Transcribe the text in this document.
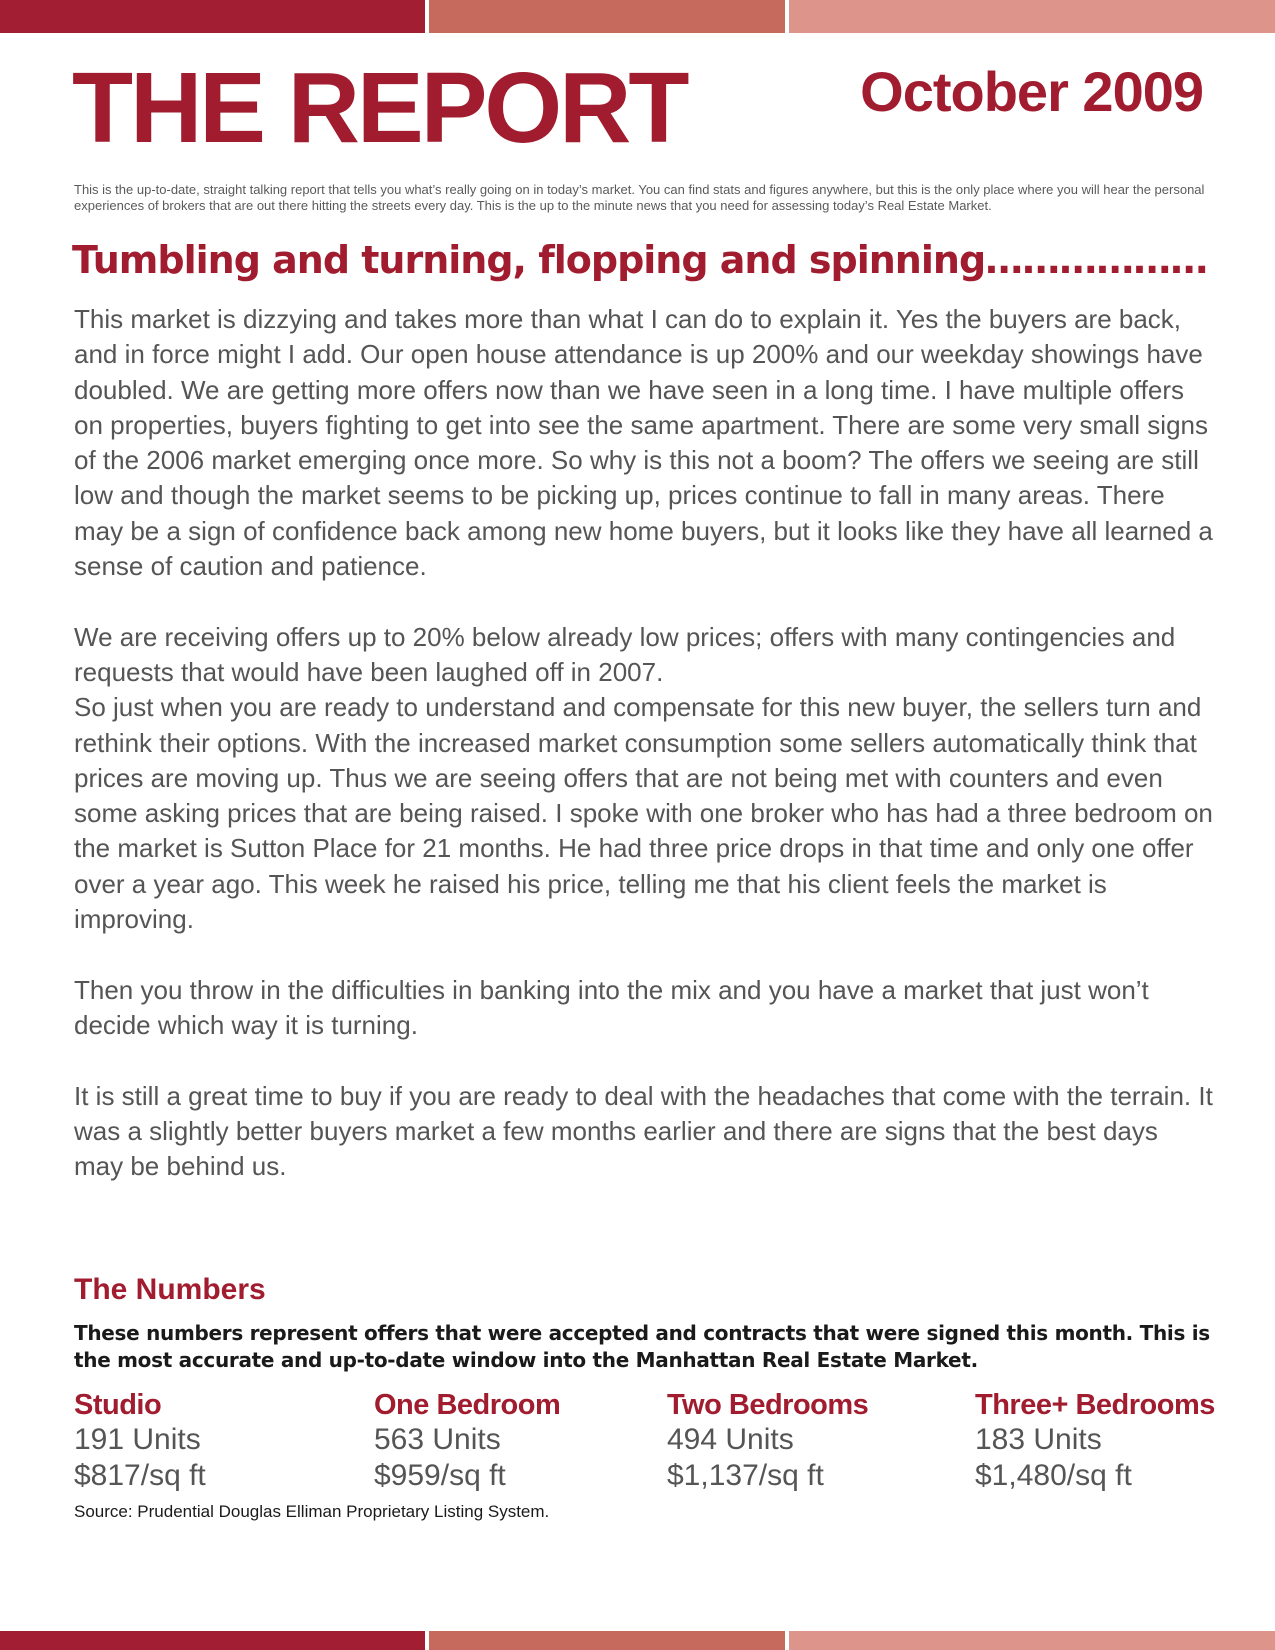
THE REPORT	October 2009

This is the up-to-date, straight talking report that tells you what’s really going on in today’s market. You can find stats and figures anywhere, but this is the only place where you will hear the personal experiences of brokers that are out there hitting the streets every day. This is the up to the minute news that you need for assessing today’s Real Estate Market.

Tumbling and turning, flopping and spinning………………

This market is dizzying and takes more than what I can do to explain it. Yes the buyers are back, and in force might I add. Our open house attendance is up 200% and our weekday showings have doubled. We are getting more offers now than we have seen in a long time. I have multiple offers on properties, buyers fighting to get into see the same apartment. There are some very small signs of the 2006 market emerging once more. So why is this not a boom? The offers we seeing are still low and though the market seems to be picking up, prices continue to fall in many areas. There may be a sign of confidence back among new home buyers, but it looks like they have all learned a sense of caution and patience.

We are receiving offers up to 20% below already low prices; offers with many contingencies and requests that would have been laughed off in 2007.
So just when you are ready to understand and compensate for this new buyer, the sellers turn and rethink their options. With the increased market consumption some sellers automatically think that prices are moving up. Thus we are seeing offers that are not being met with counters and even some asking prices that are being raised. I spoke with one broker who has had a three bedroom on the market is Sutton Place for 21 months. He had three price drops in that time and only one offer over a year ago. This week he raised his price, telling me that his client feels the market is improving.

Then you throw in the difficulties in banking into the mix and you have a market that just won’t decide which way it is turning.

It is still a great time to buy if you are ready to deal with the headaches that come with the terrain. It was a slightly better buyers market a few months earlier and there are signs that the best days may be behind us.

The Numbers

These numbers represent offers that were accepted and contracts that were signed this month. This is the most accurate and up-to-date window into the Manhattan Real Estate Market.

Studio
191 Units
$817/sq ft
One Bedroom
563 Units
$959/sq ft
Two Bedrooms
494 Units
$1,137/sq ft
Three+ Bedrooms
183 Units
$1,480/sq ft

Source: Prudential Douglas Elliman Proprietary Listing System.
